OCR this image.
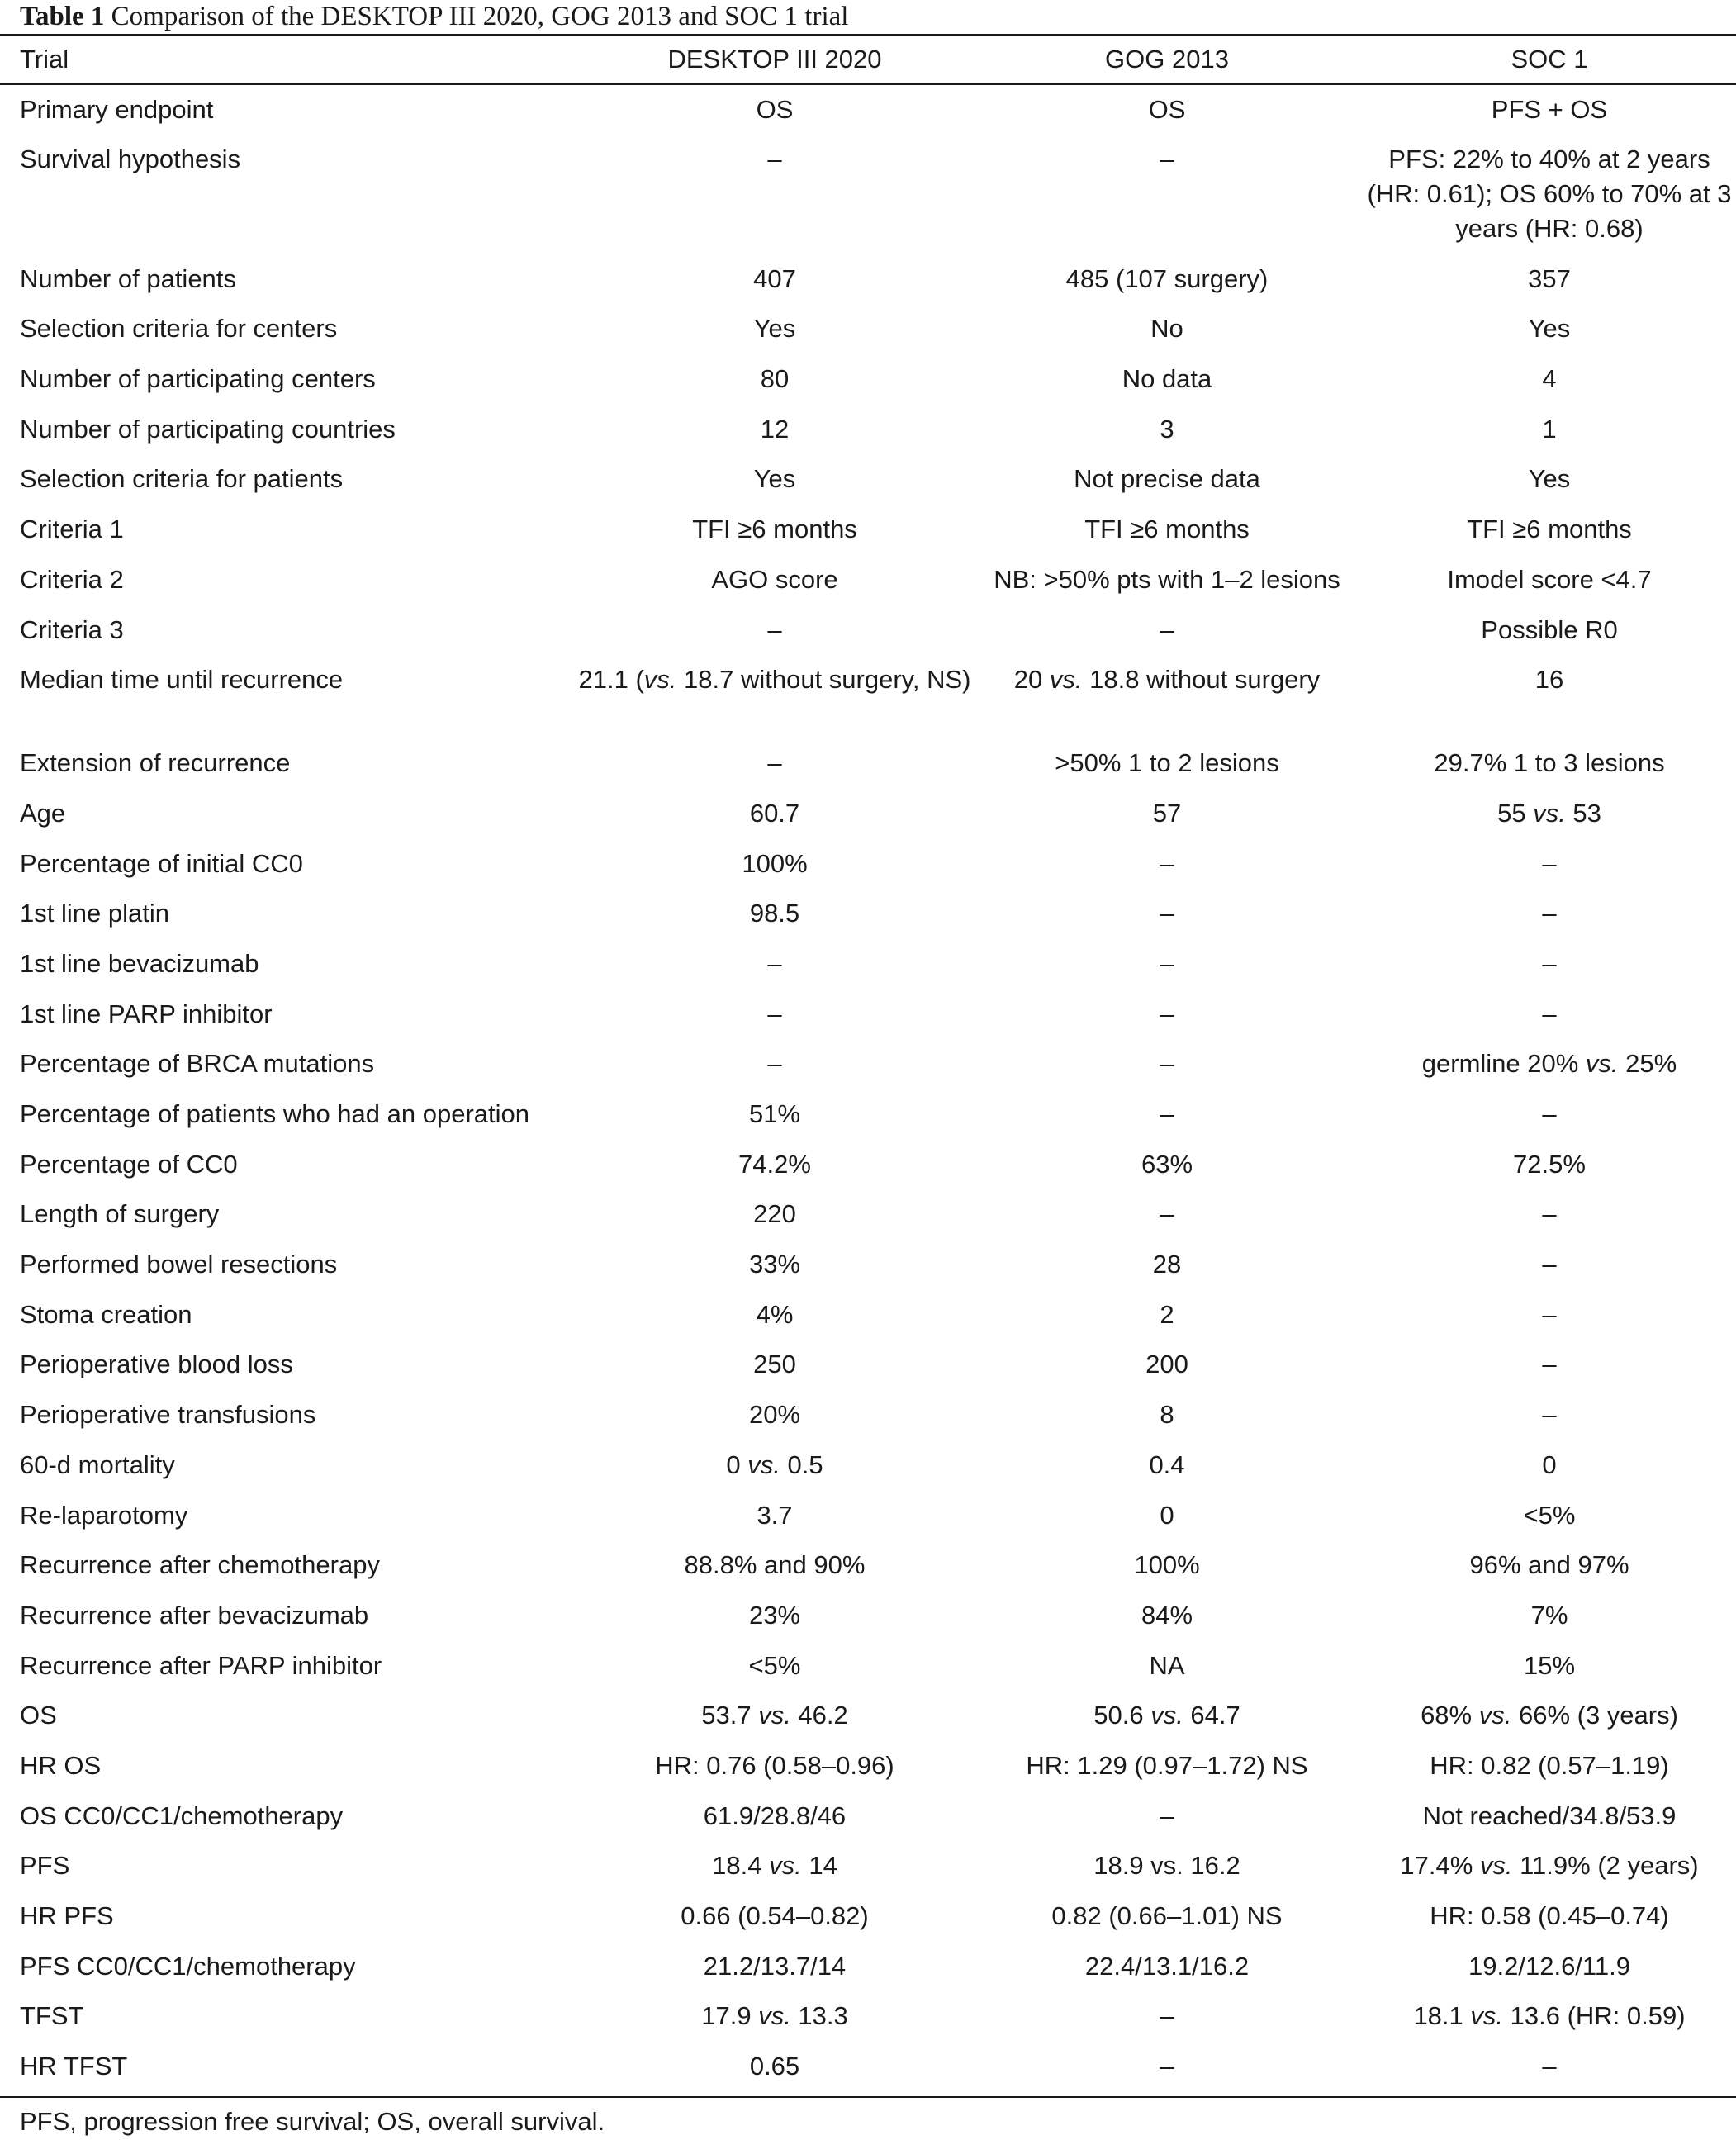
Table 1 Comparison of the DESKTOP III 2020, GOG 2013 and SOC 1 trial
Trial	DESKTOP III 2020	GOG 2013	SOC 1
Primary endpoint	OS	OS	PFS + OS
Survival hypothesis	–	–	PFS: 22% to 40% at 2 years (HR: 0.61); OS 60% to 70% at 3 years (HR: 0.68)
Number of patients	407	485 (107 surgery)	357
Selection criteria for centers	Yes	No	Yes
Number of participating centers	80	No data	4
Number of participating countries	12	3	1
Selection criteria for patients	Yes	Not precise data	Yes
Criteria 1	TFI ≥6 months	TFI ≥6 months	TFI ≥6 months
Criteria 2	AGO score	NB: >50% pts with 1–2 lesions	Imodel score <4.7
Criteria 3	–	–	Possible R0
Median time until recurrence	21.1 (vs. 18.7 without surgery, NS)	20 vs. 18.8 without surgery	16
Extension of recurrence	–	>50% 1 to 2 lesions	29.7% 1 to 3 lesions
Age	60.7	57	55 vs. 53
Percentage of initial CC0	100%	–	–
1st line platin	98.5	–	–
1st line bevacizumab	–	–	–
1st line PARP inhibitor	–	–	–
Percentage of BRCA mutations	–	–	germline 20% vs. 25%
Percentage of patients who had an operation	51%	–	–
Percentage of CC0	74.2%	63%	72.5%
Length of surgery	220	–	–
Performed bowel resections	33%	28	–
Stoma creation	4%	2	–
Perioperative blood loss	250	200	–
Perioperative transfusions	20%	8	–
60-d mortality	0 vs. 0.5	0.4	0
Re-laparotomy	3.7	0	<5%
Recurrence after chemotherapy	88.8% and 90%	100%	96% and 97%
Recurrence after bevacizumab	23%	84%	7%
Recurrence after PARP inhibitor	<5%	NA	15%
OS	53.7 vs. 46.2	50.6 vs. 64.7	68% vs. 66% (3 years)
HR OS	HR: 0.76 (0.58–0.96)	HR: 1.29 (0.97–1.72) NS	HR: 0.82 (0.57–1.19)
OS CC0/CC1/chemotherapy	61.9/28.8/46	–	Not reached/34.8/53.9
PFS	18.4 vs. 14	18.9 vs. 16.2	17.4% vs. 11.9% (2 years)
HR PFS	0.66 (0.54–0.82)	0.82 (0.66–1.01) NS	HR: 0.58 (0.45–0.74)
PFS CC0/CC1/chemotherapy	21.2/13.7/14	22.4/13.1/16.2	19.2/12.6/11.9
TFST	17.9 vs. 13.3	–	18.1 vs. 13.6 (HR: 0.59)
HR TFST	0.65	–	–
PFS, progression free survival; OS, overall survival.
